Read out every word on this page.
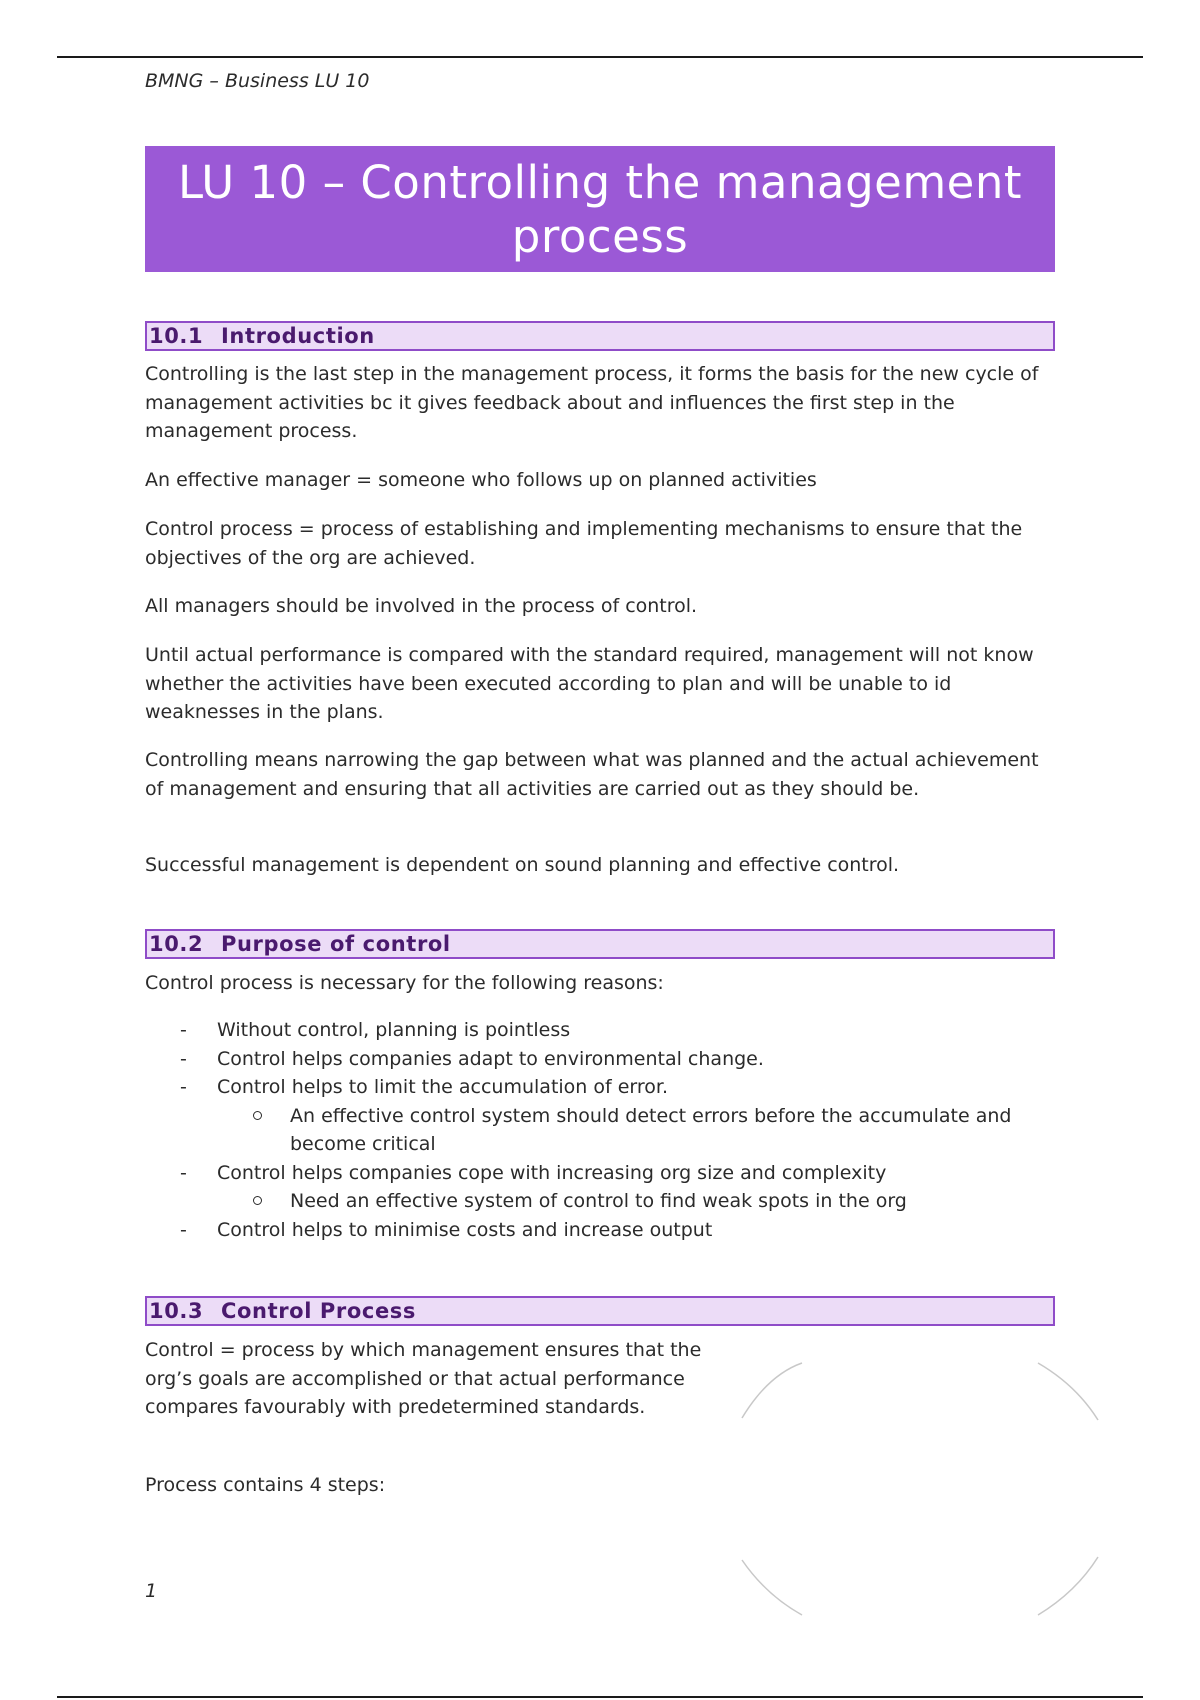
BMNG – Business LU 10
LU 10 – Controlling the management
process
10.1 Introduction

Controlling is the last step in the management process, it forms the basis for the new cycle of management activities bc it gives feedback about and influences the first step in the management process.

An effective manager = someone who follows up on planned activities

Control process = process of establishing and implementing mechanisms to ensure that the objectives of the org are achieved.

All managers should be involved in the process of control.

Until actual performance is compared with the standard required, management will not know whether the activities have been executed according to plan and will be unable to id weaknesses in the plans.

Controlling means narrowing the gap between what was planned and the actual achievement of management and ensuring that all activities are carried out as they should be.

Successful management is dependent on sound planning and effective control.

10.2 Purpose of control

Control process is necessary for the following reasons:

- Without control, planning is pointless
- Control helps companies adapt to environmental change.
- Control helps to limit the accumulation of error.
An effective control system should detect errors before the accumulate and become critical
- Control helps companies cope with increasing org size and complexity
Need an effective system of control to find weak spots in the org
- Control helps to minimise costs and increase output
10.3 Control Process

Control = process by which management ensures that the org’s goals are accomplished or that actual performance compares favourably with predetermined standards.

Process contains 4 steps:

1
